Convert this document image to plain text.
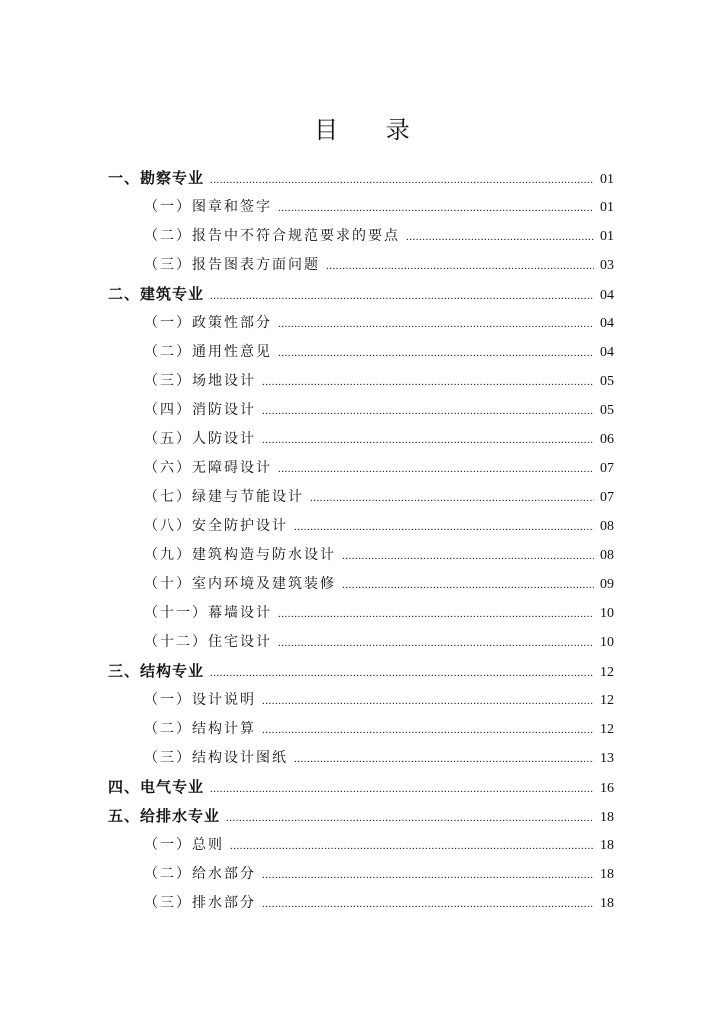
目 录
一、勘察专业 .....	01
（一）图章和签字 .....	01
（二）报告中不符合规范要求的要点 .....	01
（三）报告图表方面问题 .....	03
二、建筑专业 .....	04
（一）政策性部分 .....	04
（二）通用性意见 .....	04
（三）场地设计 .....	05
（四）消防设计 .....	05
（五）人防设计 .....	06
（六）无障碍设计 .....	07
（七）绿建与节能设计 .....	07
（八）安全防护设计 .....	08
（九）建筑构造与防水设计 .....	08
（十）室内环境及建筑装修 .....	09
（十一）幕墙设计 .....	10
（十二）住宅设计 .....	10
三、结构专业 .....	12
（一）设计说明 .....	12
（二）结构计算 .....	12
（三）结构设计图纸 .....	13
四、电气专业 .....	16
五、给排水专业 .....	18
（一）总则 .....	18
（二）给水部分 .....	18
（三）排水部分 .....	18
